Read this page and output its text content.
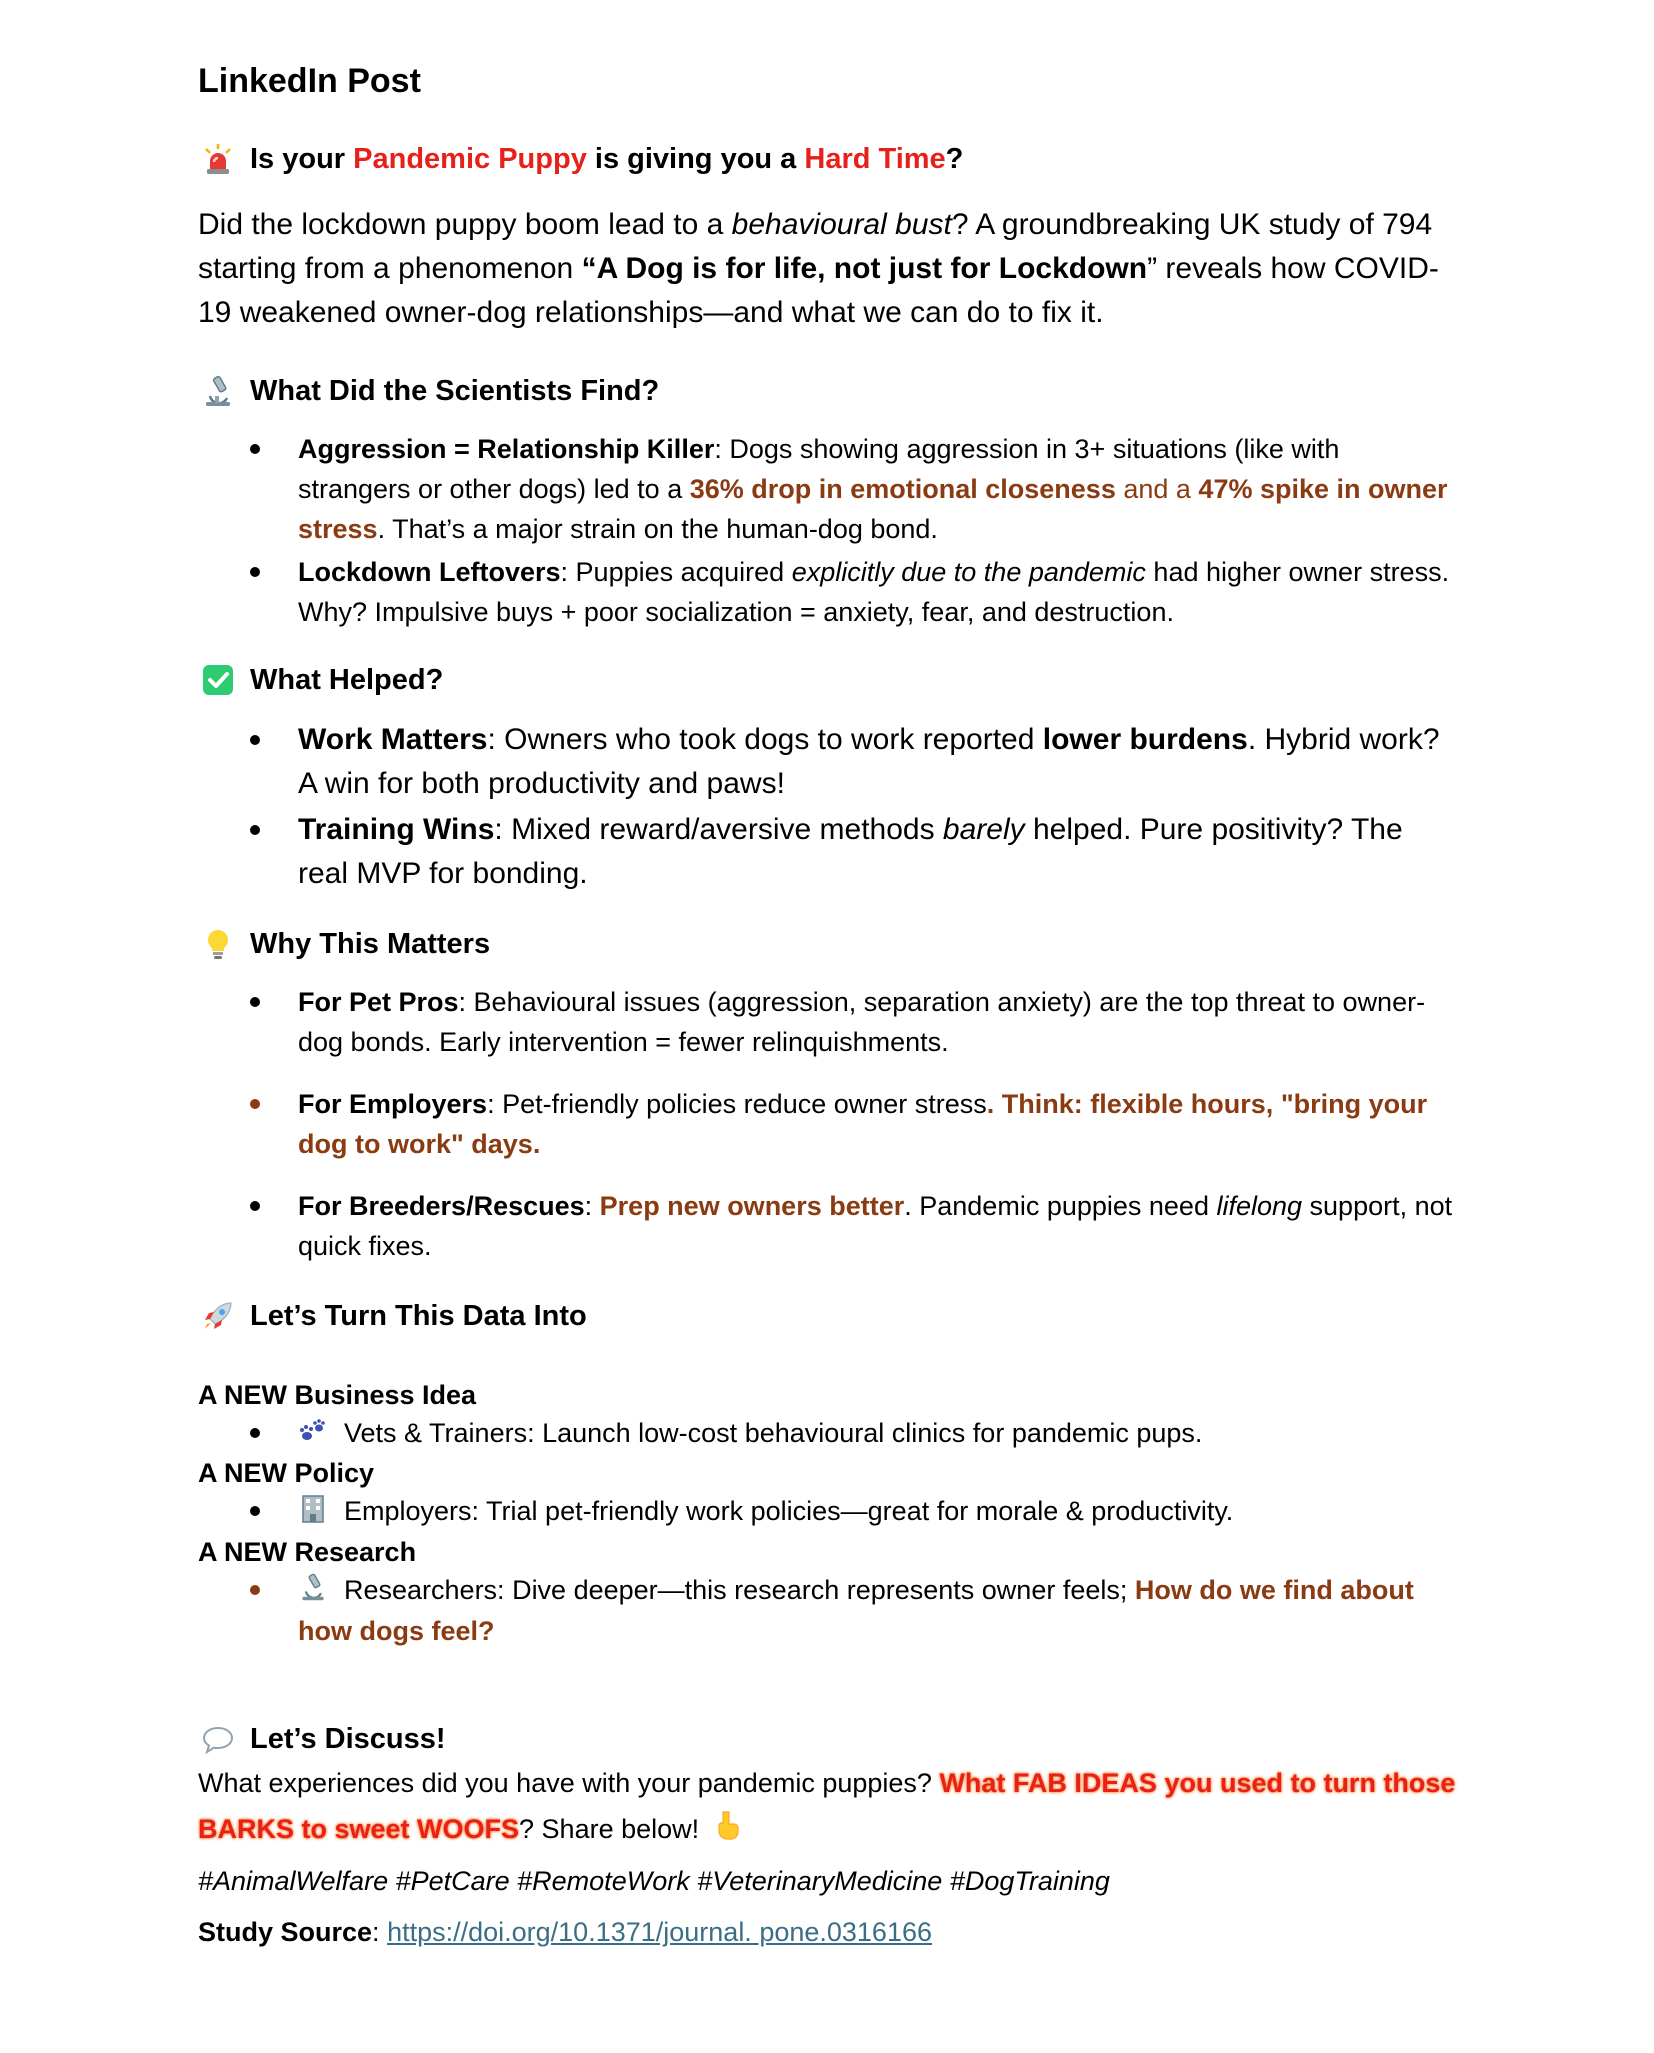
LinkedIn Post
Is your Pandemic Puppy is giving you a Hard Time?

Did the lockdown puppy boom lead to a behavioural bust? A groundbreaking UK study of 794 starting from a phenomenon “A Dog is for life, not just for Lockdown” reveals how COVID-19 weakened owner-dog relationships—and what we can do to fix it.

What Did the Scientists Find?
Aggression = Relationship Killer: Dogs showing aggression in 3+ situations (like with strangers or other dogs) led to a 36% drop in emotional closeness and a 47% spike in owner stress. That’s a major strain on the human-dog bond.
Lockdown Leftovers: Puppies acquired explicitly due to the pandemic had higher owner stress. Why? Impulsive buys + poor socialization = anxiety, fear, and destruction.
What Helped?
Work Matters: Owners who took dogs to work reported lower burdens. Hybrid work? A win for both productivity and paws!
Training Wins: Mixed reward/aversive methods barely helped. Pure positivity? The real MVP for bonding.
Why This Matters
For Pet Pros: Behavioural issues (aggression, separation anxiety) are the top threat to owner-dog bonds. Early intervention = fewer relinquishments.
For Employers: Pet-friendly policies reduce owner stress. Think: flexible hours, "bring your dog to work" days.
For Breeders/Rescues: Prep new owners better. Pandemic puppies need lifelong support, not quick fixes.
Let’s Turn This Data Into

A NEW Business Idea

Vets & Trainers: Launch low-cost behavioural clinics for pandemic pups.

A NEW Policy

Employers: Trial pet-friendly work policies—great for morale & productivity.

A NEW Research

Researchers: Dive deeper—this research represents owner feels; How do we find about how dogs feel?
Let’s Discuss!

What experiences did you have with your pandemic puppies? What FAB IDEAS you used to turn those BARKS to sweet WOOFS? Share below!

#AnimalWelfare #PetCare #RemoteWork #VeterinaryMedicine #DogTraining

Study Source: https://doi.org/10.1371/journal. pone.0316166
